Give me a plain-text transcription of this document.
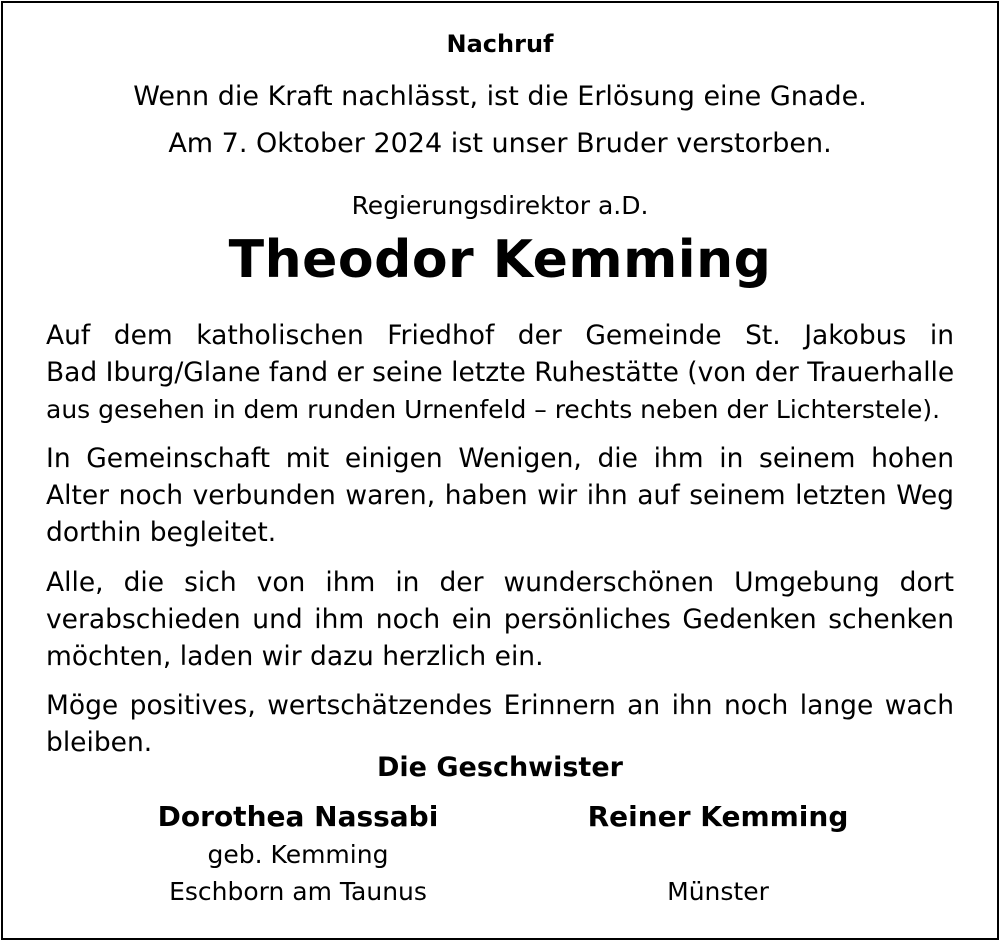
Nachruf
Wenn die Kraft nachlässt, ist die Erlösung eine Gnade.
Am 7. Oktober 2024 ist unser Bruder verstorben.
Regierungsdirektor a.D.
Theodor Kemming
Auf dem katholischen Friedhof der Gemeinde St. Jakobus in
Bad Iburg/Glane fand er seine letzte Ruhestätte (von der Trauerhalle
aus gesehen in dem runden Urnenfeld – rechts neben der Lichterstele).
In Gemeinschaft mit einigen Wenigen, die ihm in seinem hohen
Alter noch verbunden waren, haben wir ihn auf seinem letzten Weg
dorthin begleitet.
Alle, die sich von ihm in der wunderschönen Umgebung dort
verabschieden und ihm noch ein persönliches Gedenken schenken
möchten, laden wir dazu herzlich ein.
Möge positives, wertschätzendes Erinnern an ihn noch lange wach
bleiben.
Die Geschwister
Dorothea Nassabi
geb. Kemming
Eschborn am Taunus
Reiner Kemming
Münster
